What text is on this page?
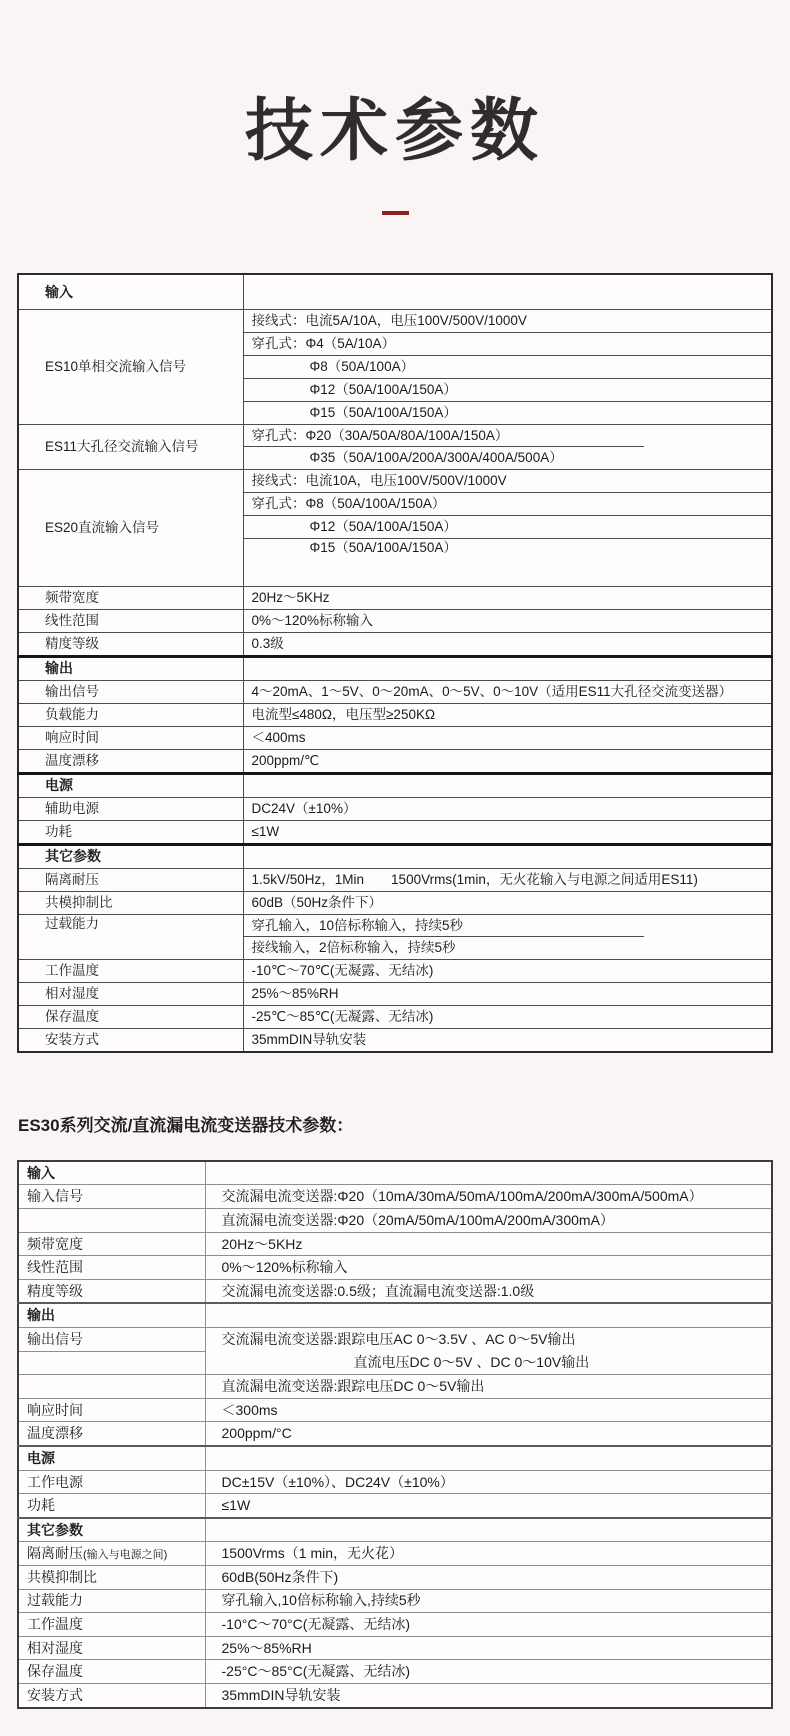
技术参数
输入	
ES10单相交流输入信号	接线式：电流5A/10A，电压100V/500V/1000V
	穿孔式：Φ4（5A/10A）
	Φ8（50A/100A）
	Φ12（50A/100A/150A）
	Φ15（50A/100A/150A）
ES11大孔径交流输入信号	穿孔式：Φ20（30A/50A/80A/100A/150A）
	Φ35（50A/100A/200A/300A/400A/500A）
ES20直流输入信号	接线式：电流10A，电压100V/500V/1000V
	穿孔式：Φ8（50A/100A/150A）
	Φ12（50A/100A/150A）
	Φ15（50A/100A/150A）
频带宽度	20Hz～5KHz
线性范围	0%～120%标称输入
精度等级	0.3级
输出	
输出信号	4～20mA、1～5V、0～20mA、0～5V、0～10V（适用ES11大孔径交流变送器）
负载能力	电流型≤480Ω，电压型≥250KΩ
响应时间	＜400ms
温度漂移	200ppm/℃
电源	
辅助电源	DC24V（±10%）
功耗	≤1W
其它参数	
隔离耐压	1.5kV/50Hz，1Min　　1500Vrms(1min，无火花输入与电源之间适用ES11)
共模抑制比	60dB（50Hz条件下）
过载能力	穿孔输入，10倍标称输入，持续5秒
	接线输入，2倍标称输入，持续5秒
工作温度	-10℃～70℃(无凝露、无结冰)
相对湿度	25%～85%RH
保存温度	-25℃～85℃(无凝露、无结冰)
安装方式	35mmDIN导轨安装
ES30系列交流/直流漏电流变送器技术参数：
输入	
输入信号	交流漏电流变送器:Φ20（10mA/30mA/50mA/100mA/200mA/300mA/500mA）
	直流漏电流变送器:Φ20（20mA/50mA/100mA/200mA/300mA）
频带宽度	20Hz～5KHz
线性范围	0%～120%标称输入
精度等级	交流漏电流变送器:0.5级；直流漏电流变送器:1.0级
输出	
输出信号	交流漏电流变送器:跟踪电压AC 0～3.5V 、AC 0～5V输出
	直流电压DC 0～5V 、DC 0～10V输出
	直流漏电流变送器:跟踪电压DC 0～5V输出
响应时间	＜300ms
温度漂移	200ppm/°C
电源	
工作电源	DC±15V（±10%）、DC24V（±10%）
功耗	≤1W
其它参数	
隔离耐压(输入与电源之间)	1500Vrms（1 min，无火花）
共模抑制比	60dB(50Hz条件下)
过载能力	穿孔输入,10倍标称输入,持续5秒
工作温度	-10°C～70°C(无凝露、无结冰)
相对湿度	25%～85%RH
保存温度	-25°C～85°C(无凝露、无结冰)
安装方式	35mmDIN导轨安装
